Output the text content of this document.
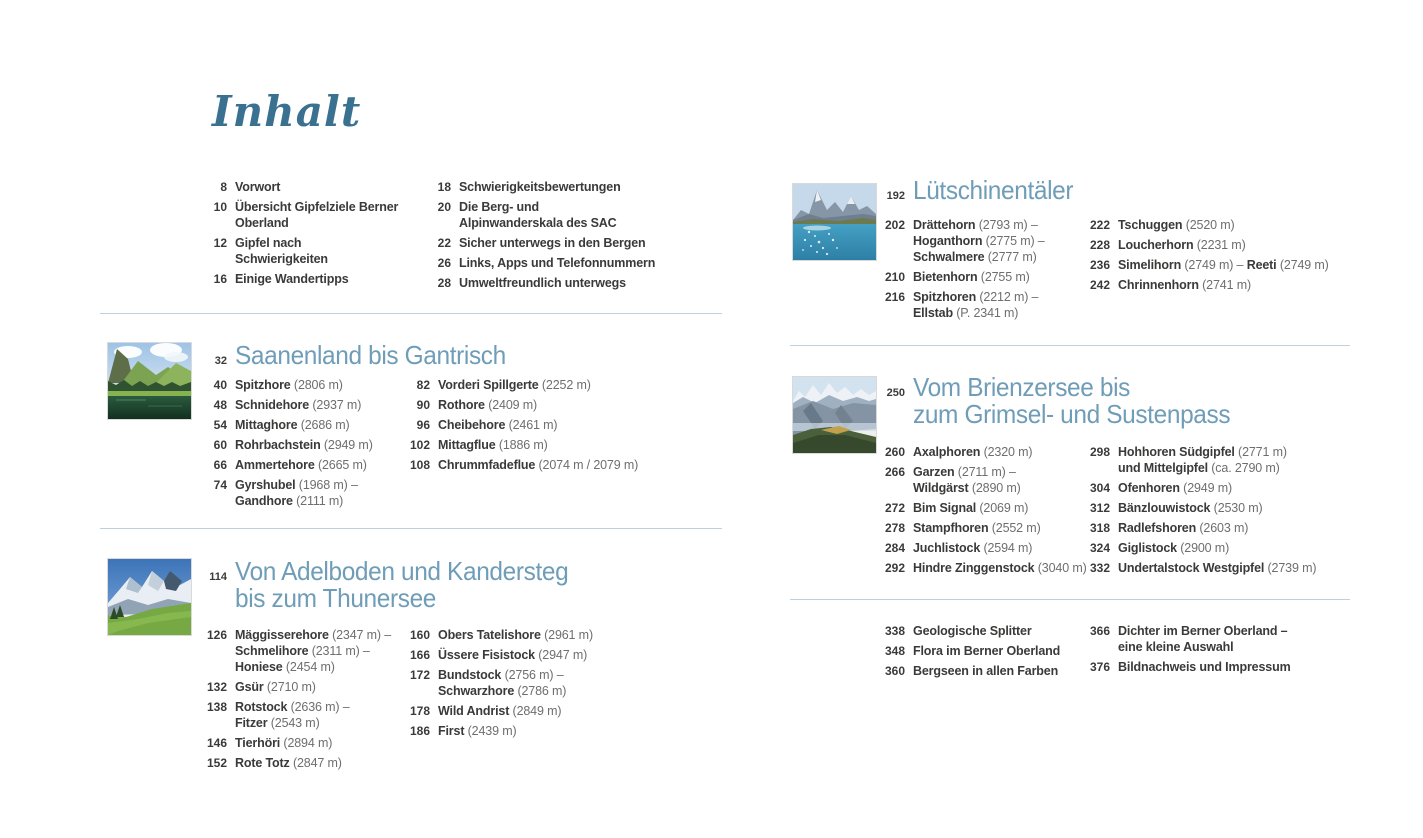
Inhalt
8 Vorwort
10 Übersicht Gipfelziele Berner
Oberland
12 Gipfel nach
Schwierigkeiten
16 Einige Wandertipps
18 Schwierigkeitsbewertungen
20 Die Berg- und
Alpinwanderskala des SAC
22 Sicher unterwegs in den Bergen
26 Links, Apps und Telefonnummern
28 Umweltfreundlich unterwegs
32 Saanenland bis Gantrisch
40 Spitzhore (2806 m)
48 Schnidehore (2937 m)
54 Mittaghore (2686 m)
60 Rohrbachstein (2949 m)
66 Ammertehore (2665 m)
74 Gyrshubel (1968 m) –
Gandhore (2111 m)
82 Vorderi Spillgerte (2252 m)
90 Rothore (2409 m)
96 Cheibehore (2461 m)
102 Mittagflue (1886 m)
108 Chrummfadeflue (2074 m / 2079 m)
114 Von Adelboden und Kandersteg
bis zum Thunersee
126 Mäggisserehore (2347 m) –
Schmelihore (2311 m) –
Honiese (2454 m)
132 Gsür (2710 m)
138 Rotstock (2636 m) –
Fitzer (2543 m)
146 Tierhöri (2894 m)
152 Rote Totz (2847 m)
160 Obers Tatelishore (2961 m)
166 Üssere Fisistock (2947 m)
172 Bundstock (2756 m) –
Schwarzhore (2786 m)
178 Wild Andrist (2849 m)
186 First (2439 m)
192 Lütschinentäler
202 Drättehorn (2793 m) –
Hoganthorn (2775 m) –
Schwalmere (2777 m)
210 Bietenhorn (2755 m)
216 Spitzhoren (2212 m) –
Ellstab (P. 2341 m)
222 Tschuggen (2520 m)
228 Loucherhorn (2231 m)
236 Simelihorn (2749 m) – Reeti (2749 m)
242 Chrinnenhorn (2741 m)
250 Vom Brienzersee bis
zum Grimsel- und Sustenpass
260 Axalphoren (2320 m)
266 Garzen (2711 m) –
Wildgärst (2890 m)
272 Bim Signal (2069 m)
278 Stampfhoren (2552 m)
284 Juchlistock (2594 m)
292 Hindre Zinggenstock (3040 m)
298 Hohhoren Südgipfel (2771 m)
und Mittelgipfel (ca. 2790 m)
304 Ofenhoren (2949 m)
312 Bänzlouwistock (2530 m)
318 Radlefshoren (2603 m)
324 Giglistock (2900 m)
332 Undertalstock Westgipfel (2739 m)
338 Geologische Splitter
348 Flora im Berner Oberland
360 Bergseen in allen Farben
366 Dichter im Berner Oberland –
eine kleine Auswahl
376 Bildnachweis und Impressum
